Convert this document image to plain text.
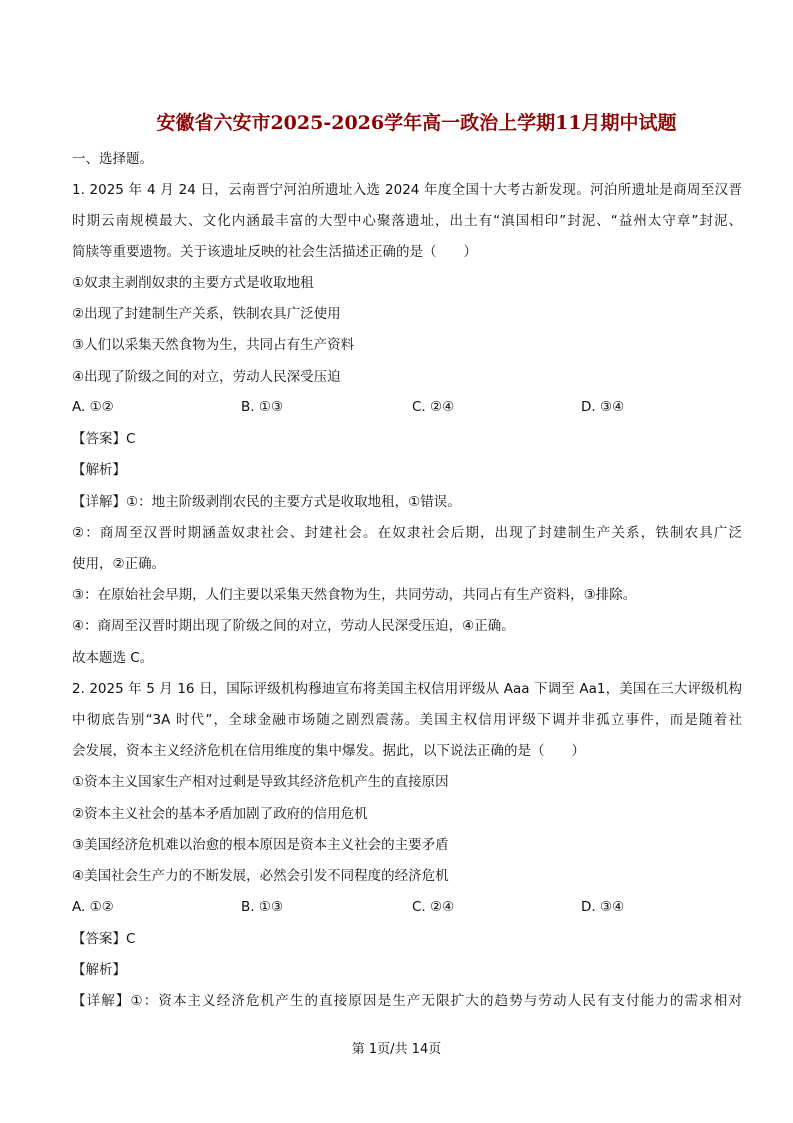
安徽省六安市2025-2026学年高一政治上学期11月期中试题
一、选择题。
1. 2025 年 4 月 24 日，云南晋宁河泊所遗址入选 2024 年度全国十大考古新发现。河泊所遗址是商周至汉晋
时期云南规模最大、文化内涵最丰富的大型中心聚落遗址，出土有“滇国相印”封泥、“益州太守章”封泥、
简牍等重要遗物。关于该遗址反映的社会生活描述正确的是（　　）
①奴隶主剥削奴隶的主要方式是收取地租
②出现了封建制生产关系，铁制农具广泛使用
③人们以采集天然食物为生，共同占有生产资料
④出现了阶级之间的对立，劳动人民深受压迫
A. ①②	B. ①③	C. ②④	D. ③④
【答案】C
【解析】
【详解】①：地主阶级剥削农民的主要方式是收取地租，①错误。
②：商周至汉晋时期涵盖奴隶社会、封建社会。在奴隶社会后期，出现了封建制生产关系，铁制农具广泛
使用，②正确。
③：在原始社会早期，人们主要以采集天然食物为生，共同劳动，共同占有生产资料，③排除。
④：商周至汉晋时期出现了阶级之间的对立，劳动人民深受压迫，④正确。
故本题选 C。
2. 2025 年 5 月 16 日，国际评级机构穆迪宣布将美国主权信用评级从 Aaa 下调至 Aa1，美国在三大评级机构
中彻底告别“3A 时代”，全球金融市场随之剧烈震荡。美国主权信用评级下调并非孤立事件，而是随着社
会发展，资本主义经济危机在信用维度的集中爆发。据此，以下说法正确的是（　　）
①资本主义国家生产相对过剩是导致其经济危机产生的直接原因
②资本主义社会的基本矛盾加剧了政府的信用危机
③美国经济危机难以治愈的根本原因是资本主义社会的主要矛盾
④美国社会生产力的不断发展，必然会引发不同程度的经济危机
A. ①②	B. ①③	C. ②④	D. ③④
【答案】C
【解析】
【详解】①：资本主义经济危机产生的直接原因是生产无限扩大的趋势与劳动人民有支付能力的需求相对
第 1页/共 14页
